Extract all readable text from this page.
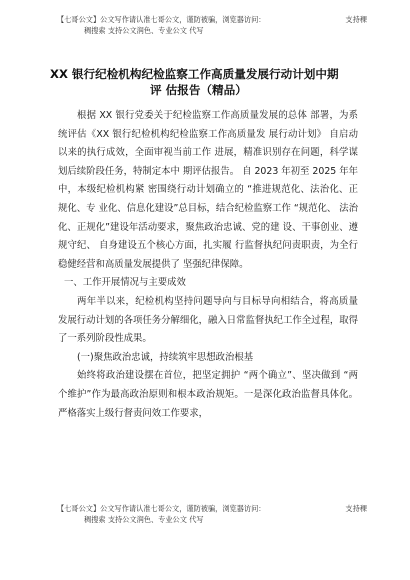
【七哥公文】公文写作请认准七哥公文，谨防被骗，浏览器访问：	支持稞
稠搜索 支持公文润色、专业公文 代写
XX 银行纪检机构纪检监察工作高质量发展行动计划中期
评 估报告（精品）

根据 XX 银行党委关于纪检监察工作高质量发展的总体 部署，为系统评估《XX 银行纪检机构纪检监察工作高质量发 展行动计划》 自启动以来的执行成效，全面审视当前工作 进展，精准识别存在问题，科学谋划后续阶段任务，特制定本中 期评估报告。 自 2023 年初至 2025 年年中，本级纪检机构紧 密围绕行动计划确立的 “推进规范化、法治化、正规化、专 业化、信息化建设”总目标，结合纪检监察工作 “规范化、 法治化、正规化”建设年活动要求，聚焦政治忠诚、党的建 设、干事创业、遵规守纪、 自身建设五个核心方面，扎实履 行监督执纪问责职责，为全行稳健经营和高质量发展提供了 坚强纪律保障。

一、工作开展情况与主要成效

两年半以来，纪检机构坚持问题导向与目标导向相结合，将高质量发展行动计划的各项任务分解细化，融入日常监督执纪工作全过程，取得了一系列阶段性成果。

(一)聚焦政治忠诚，持续筑牢思想政治根基

始终将政治建设摆在首位，把坚定拥护 “两个确立”、坚决做到 “两个维护”作为最高政治原则和根本政治规矩。一是深化政治监督具体化。严格落实上级行督责问效工作要求，

【七哥公文】公文写作请认准七哥公文，谨防被骗，浏览器访问：	支持稞
稠搜索 支持公文润色、专业公文 代写
